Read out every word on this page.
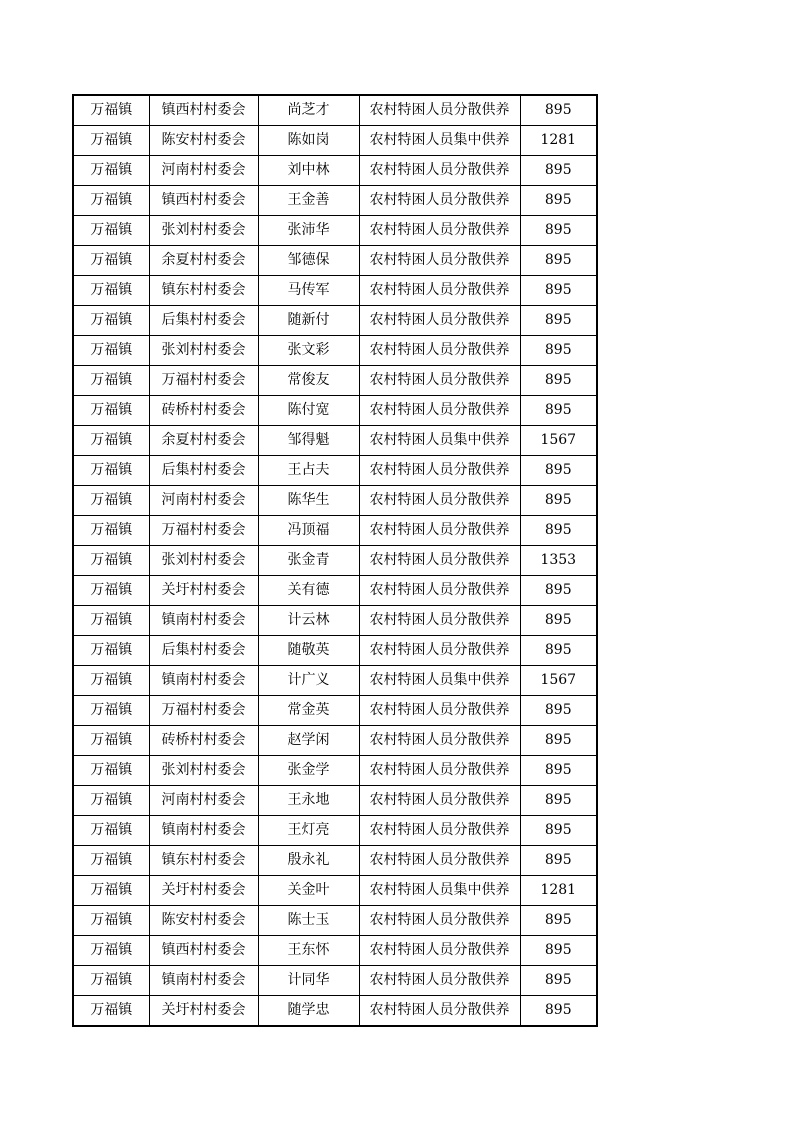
万福镇	镇西村村委会	尚芝才	农村特困人员分散供养	895
万福镇	陈安村村委会	陈如岗	农村特困人员集中供养	1281
万福镇	河南村村委会	刘中林	农村特困人员分散供养	895
万福镇	镇西村村委会	王金善	农村特困人员分散供养	895
万福镇	张刘村村委会	张沛华	农村特困人员分散供养	895
万福镇	余夏村村委会	邹德保	农村特困人员分散供养	895
万福镇	镇东村村委会	马传军	农村特困人员分散供养	895
万福镇	后集村村委会	随新付	农村特困人员分散供养	895
万福镇	张刘村村委会	张文彩	农村特困人员分散供养	895
万福镇	万福村村委会	常俊友	农村特困人员分散供养	895
万福镇	砖桥村村委会	陈付宽	农村特困人员分散供养	895
万福镇	余夏村村委会	邹得魁	农村特困人员集中供养	1567
万福镇	后集村村委会	王占夫	农村特困人员分散供养	895
万福镇	河南村村委会	陈华生	农村特困人员分散供养	895
万福镇	万福村村委会	冯顶福	农村特困人员分散供养	895
万福镇	张刘村村委会	张金青	农村特困人员分散供养	1353
万福镇	关圩村村委会	关有德	农村特困人员分散供养	895
万福镇	镇南村村委会	计云林	农村特困人员分散供养	895
万福镇	后集村村委会	随敬英	农村特困人员分散供养	895
万福镇	镇南村村委会	计广义	农村特困人员集中供养	1567
万福镇	万福村村委会	常金英	农村特困人员分散供养	895
万福镇	砖桥村村委会	赵学闲	农村特困人员分散供养	895
万福镇	张刘村村委会	张金学	农村特困人员分散供养	895
万福镇	河南村村委会	王永地	农村特困人员分散供养	895
万福镇	镇南村村委会	王灯亮	农村特困人员分散供养	895
万福镇	镇东村村委会	殷永礼	农村特困人员分散供养	895
万福镇	关圩村村委会	关金叶	农村特困人员集中供养	1281
万福镇	陈安村村委会	陈士玉	农村特困人员分散供养	895
万福镇	镇西村村委会	王东怀	农村特困人员分散供养	895
万福镇	镇南村村委会	计同华	农村特困人员分散供养	895
万福镇	关圩村村委会	随学忠	农村特困人员分散供养	895
